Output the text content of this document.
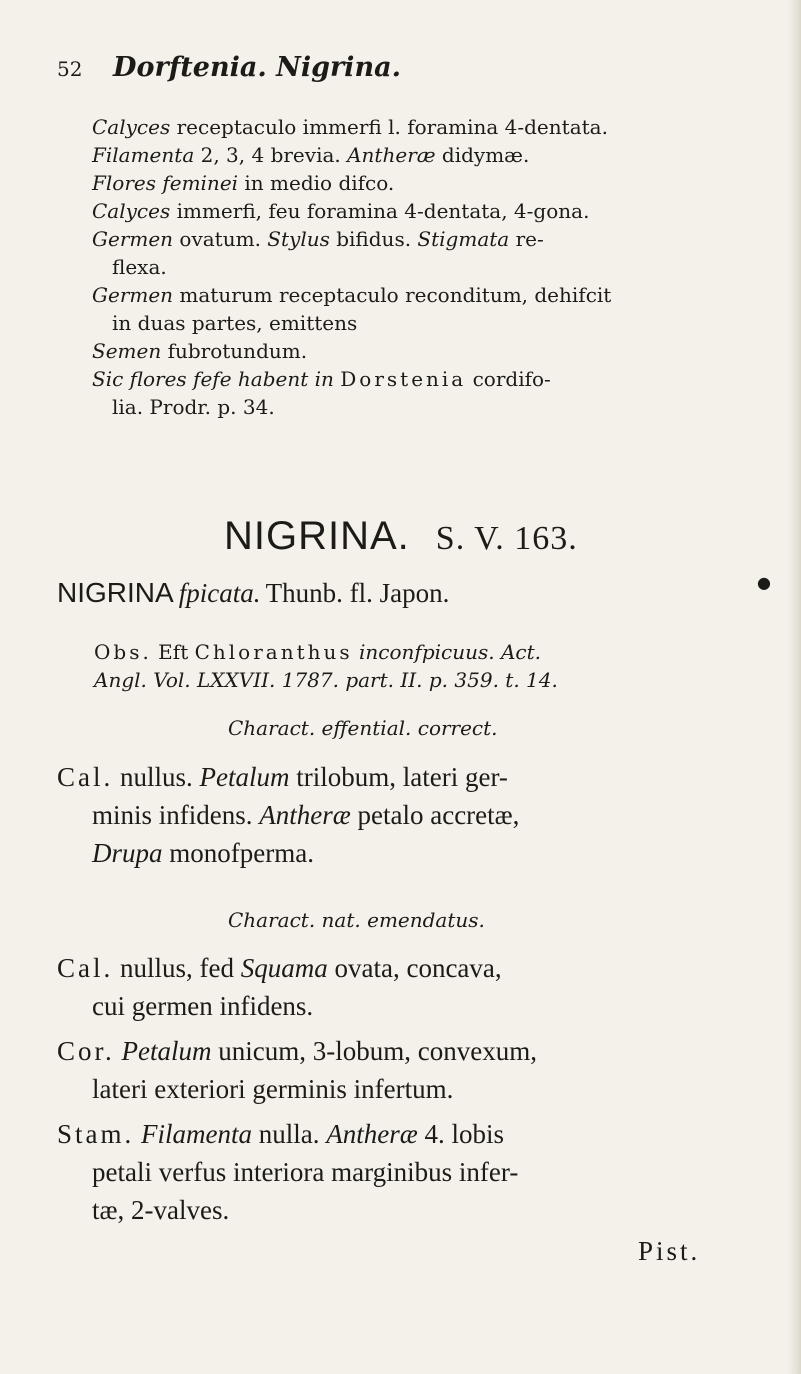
52 Dorftenia. Nigrina.
Calyces receptaculo immerfi l. foramina 4-dentata.
Filamenta 2, 3, 4 brevia. Antheræ didymæ.
Flores feminei in medio difco.
Calyces immerfi, feu foramina 4-dentata, 4-gona.
Germen ovatum. Stylus bifidus. Stigmata re-
flexa.
Germen maturum receptaculo reconditum, dehifcit
in duas partes, emittens
Semen fubrotundum.
Sic flores fefe habent in Dorstenia cordifo-
lia. Prodr. p. 34.
NIGRINA. S. V. 163.
●
NIGRINA fpicata. Thunb. fl. Japon.
Obs. Eft Chloranthus inconfpicuus. Act.
Angl. Vol. LXXVII. 1787. part. II. p. 359. t. 14.
Charact. effential. correct.
Cal. nullus. Petalum trilobum, lateri ger-
minis infidens. Antheræ petalo accretæ,
Drupa monofperma.
Charact. nat. emendatus.
Cal. nullus, fed Squama ovata, concava,
cui germen infidens.
Cor. Petalum unicum, 3-lobum, convexum,
lateri exteriori germinis infertum.
Stam. Filamenta nulla. Antheræ 4. lobis
petali verfus interiora marginibus infer-
tæ, 2-valves.
Pist.
